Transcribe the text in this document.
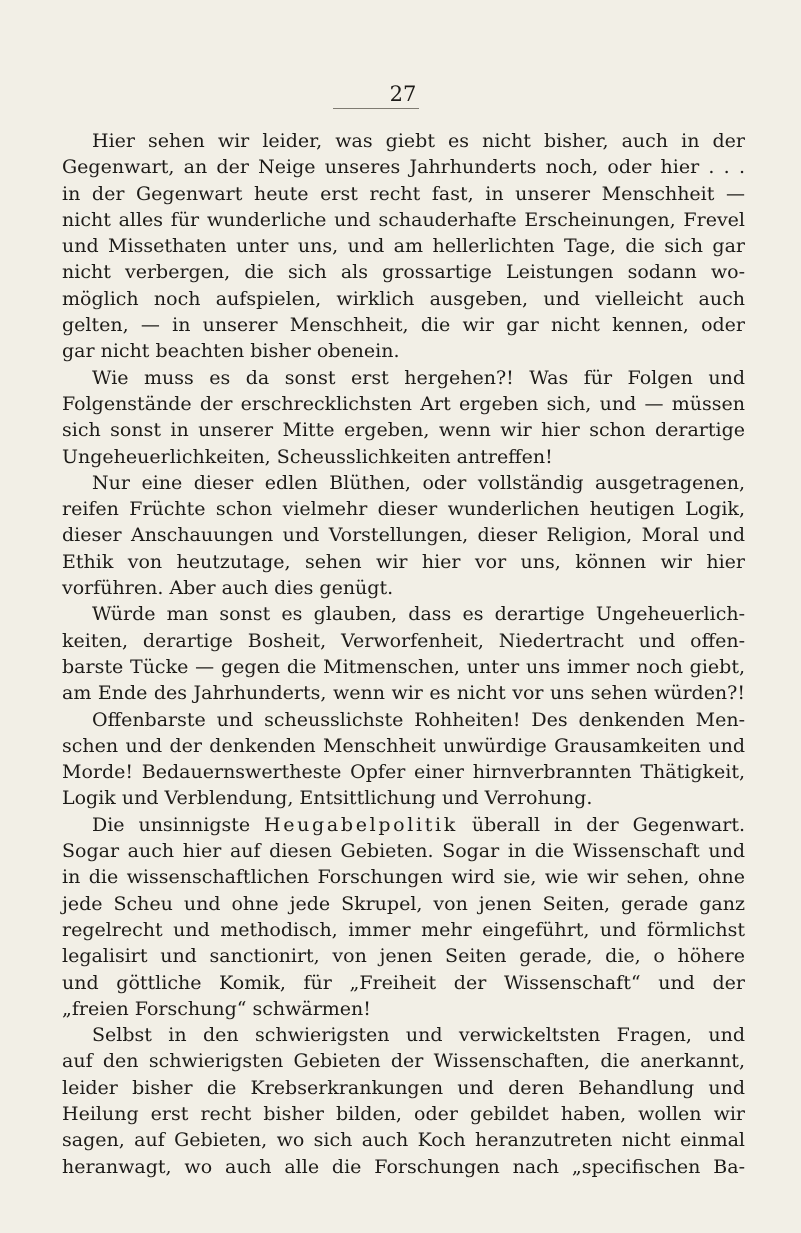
27
Hier sehen wir leider, was giebt es nicht bisher, auch in der
Gegenwart, an der Neige unseres Jahrhunderts noch, oder hier . . .
in der Gegenwart heute erst recht fast, in unserer Menschheit —
nicht alles für wunderliche und schauderhafte Erscheinungen, Frevel
und Missethaten unter uns, und am hellerlichten Tage, die sich gar
nicht verbergen, die sich als grossartige Leistungen sodann wo-
möglich noch aufspielen, wirklich ausgeben, und vielleicht auch
gelten, — in unserer Menschheit, die wir gar nicht kennen, oder
gar nicht beachten bisher obenein.
Wie muss es da sonst erst hergehen?! Was für Folgen und
Folgenstände der erschrecklichsten Art ergeben sich, und — müssen
sich sonst in unserer Mitte ergeben, wenn wir hier schon derartige
Ungeheuerlichkeiten, Scheusslichkeiten antreffen!
Nur eine dieser edlen Blüthen, oder vollständig ausgetragenen,
reifen Früchte schon vielmehr dieser wunderlichen heutigen Logik,
dieser Anschauungen und Vorstellungen, dieser Religion, Moral und
Ethik von heutzutage, sehen wir hier vor uns, können wir hier
vorführen. Aber auch dies genügt.
Würde man sonst es glauben, dass es derartige Ungeheuerlich-
keiten, derartige Bosheit, Verworfenheit, Niedertracht und offen-
barste Tücke — gegen die Mitmenschen, unter uns immer noch giebt,
am Ende des Jahrhunderts, wenn wir es nicht vor uns sehen würden?!
Offenbarste und scheusslichste Rohheiten! Des denkenden Men-
schen und der denkenden Menschheit unwürdige Grausamkeiten und
Morde! Bedauernswertheste Opfer einer hirnverbrannten Thätigkeit,
Logik und Verblendung, Entsittlichung und Verrohung.
Die unsinnigste Heugabelpolitik überall in der Gegenwart.
Sogar auch hier auf diesen Gebieten. Sogar in die Wissenschaft und
in die wissenschaftlichen Forschungen wird sie, wie wir sehen, ohne
jede Scheu und ohne jede Skrupel, von jenen Seiten, gerade ganz
regelrecht und methodisch, immer mehr eingeführt, und förmlichst
legalisirt und sanctionirt, von jenen Seiten gerade, die, o höhere
und göttliche Komik, für „Freiheit der Wissenschaft“ und der
„freien Forschung“ schwärmen!
Selbst in den schwierigsten und verwickeltsten Fragen, und
auf den schwierigsten Gebieten der Wissenschaften, die anerkannt,
leider bisher die Krebserkrankungen und deren Behandlung und
Heilung erst recht bisher bilden, oder gebildet haben, wollen wir
sagen, auf Gebieten, wo sich auch Koch heranzutreten nicht einmal
heranwagt, wo auch alle die Forschungen nach „specifischen Ba-
